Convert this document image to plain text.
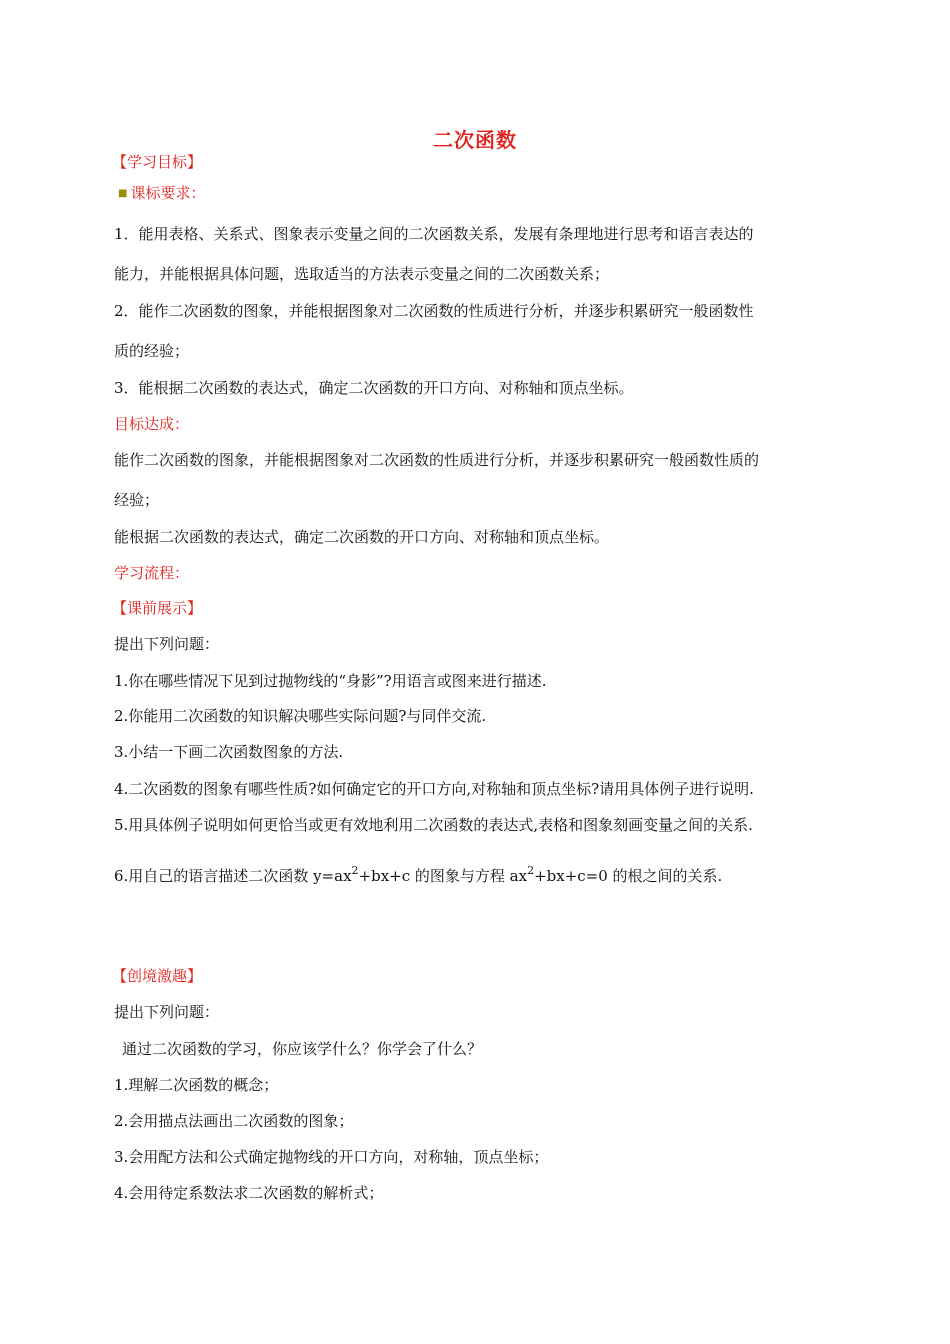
二次函数
【学习目标】
■ 课标要求：
1．能用表格、关系式、图象表示变量之间的二次函数关系，发展有条理地进行思考和语言表达的
能力，并能根据具体问题，选取适当的方法表示变量之间的二次函数关系；
2．能作二次函数的图象，并能根据图象对二次函数的性质进行分析，并逐步积累研究一般函数性
质的经验；
3．能根据二次函数的表达式，确定二次函数的开口方向、对称轴和顶点坐标。
目标达成：
能作二次函数的图象，并能根据图象对二次函数的性质进行分析，并逐步积累研究一般函数性质的
经验；
能根据二次函数的表达式，确定二次函数的开口方向、对称轴和顶点坐标。
学习流程：
【课前展示】
提出下列问题：
1.你在哪些情况下见到过抛物线的“身影”?用语言或图来进行描述.
2.你能用二次函数的知识解决哪些实际问题?与同伴交流.
3.小结一下画二次函数图象的方法.
4.二次函数的图象有哪些性质?如何确定它的开口方向,对称轴和顶点坐标?请用具体例子进行说明.
5.用具体例子说明如何更恰当或更有效地利用二次函数的表达式,表格和图象刻画变量之间的关系.
6.用自己的语言描述二次函数 $y=ax^2+bx+c$ 的图象与方程 $ax^2+bx+c=0$ 的根之间的关系.
【创境激趣】
提出下列问题：
通过二次函数的学习，你应该学什么？你学会了什么？
1.理解二次函数的概念；
2.会用描点法画出二次函数的图象；
3.会用配方法和公式确定抛物线的开口方向，对称轴，顶点坐标；
4.会用待定系数法求二次函数的解析式；
